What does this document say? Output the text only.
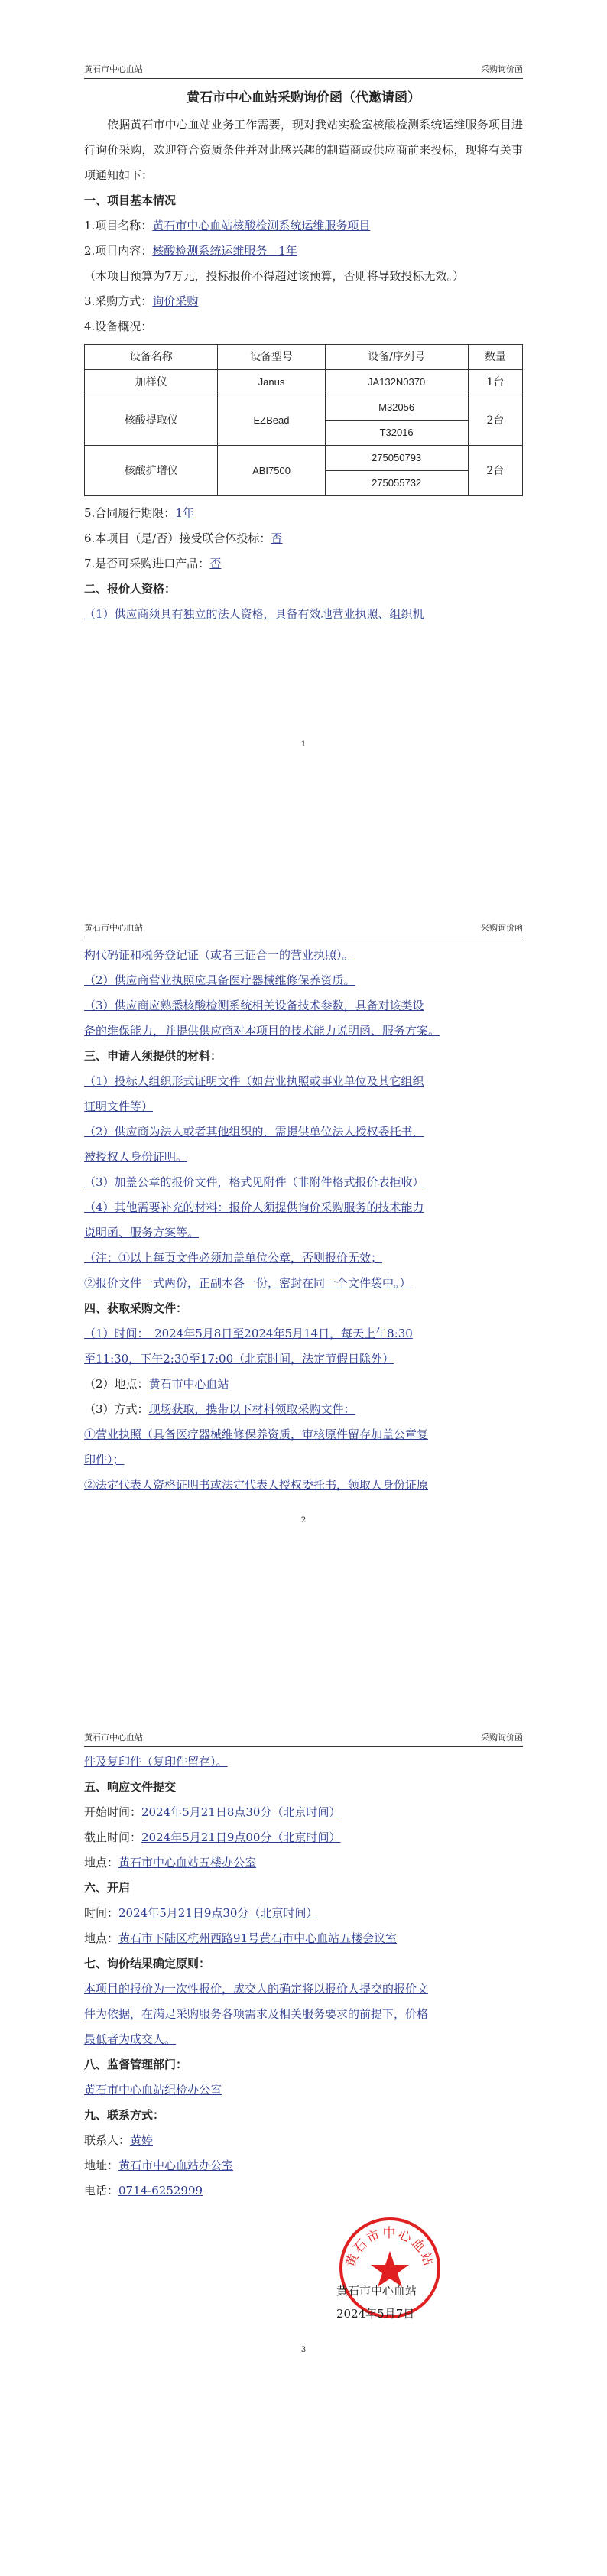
黄石市中心血站	采购询价函
黄石市中心血站采购询价函（代邀请函）
依据黄石市中心血站业务工作需要，现对我站实验室核酸检测系统运维服务项目进行询价采购，欢迎符合资质条件并对此感兴趣的制造商或供应商前来投标，现将有关事项通知如下：
一、项目基本情况
1.项目名称：黄石市中心血站核酸检测系统运维服务项目
2.项目内容：核酸检测系统运维服务　1年
（本项目预算为7万元，投标报价不得超过该预算，否则将导致投标无效。）
3.采购方式：询价采购
4.设备概况：
设备名称	设备型号	设备/序列号	数量
加样仪	Janus	JA132N0370	1台
核酸提取仪	EZBead	M32056	2台
		T32016	
核酸扩增仪	ABI7500	275050793	2台
		275055732	
5.合同履行期限：1年
6.本项目（是/否）接受联合体投标：否
7.是否可采购进口产品：否
二、报价人资格：
（1）供应商须具有独立的法人资格，具备有效地营业执照、组织机
1
黄石市中心血站	采购询价函
构代码证和税务登记证（或者三证合一的营业执照）。
（2）供应商营业执照应具备医疗器械维修保养资质。
（3）供应商应熟悉核酸检测系统相关设备技术参数，具备对该类设
备的维保能力，并提供供应商对本项目的技术能力说明函、服务方案。
三、申请人须提供的材料：
（1）投标人组织形式证明文件（如营业执照或事业单位及其它组织
证明文件等）
（2）供应商为法人或者其他组织的，需提供单位法人授权委托书，
被授权人身份证明。
（3）加盖公章的报价文件，格式见附件（非附件格式报价表拒收）
（4）其他需要补充的材料：报价人须提供询价采购服务的技术能力
说明函、服务方案等。
（注：①以上每页文件必须加盖单位公章，否则报价无效；
②报价文件一式两份，正副本各一份，密封在同一个文件袋中。）
四、获取采购文件：
（1）时间：　2024年5月8日至2024年5月14日，每天上午8:30
至11:30，下午2:30至17:00（北京时间，法定节假日除外）
（2）地点：黄石市中心血站
（3）方式：现场获取，携带以下材料领取采购文件：
①营业执照（具备医疗器械维修保养资质，审核原件留存加盖公章复
印件）；
②法定代表人资格证明书或法定代表人授权委托书，领取人身份证原
2
黄石市中心血站	采购询价函
件及复印件（复印件留存）。
五、响应文件提交
开始时间：2024年5月21日8点30分（北京时间）
截止时间：2024年5月21日9点00分（北京时间）
地点：黄石市中心血站五楼办公室
六、开启
时间：2024年5月21日9点30分（北京时间）
地点：黄石市下陆区杭州西路91号黄石市中心血站五楼会议室
七、询价结果确定原则：
本项目的报价为一次性报价，成交人的确定将以报价人提交的报价文
件为依据，在满足采购服务各项需求及相关服务要求的前提下，价格
最低者为成交人。
八、监督管理部门：
黄石市中心血站纪检办公室
九、联系方式：
联系人：黄婷
地址：黄石市中心血站办公室
电话：0714-6252999
黄石市中心血站
黄石市中心血站
2024年5月7日
3
